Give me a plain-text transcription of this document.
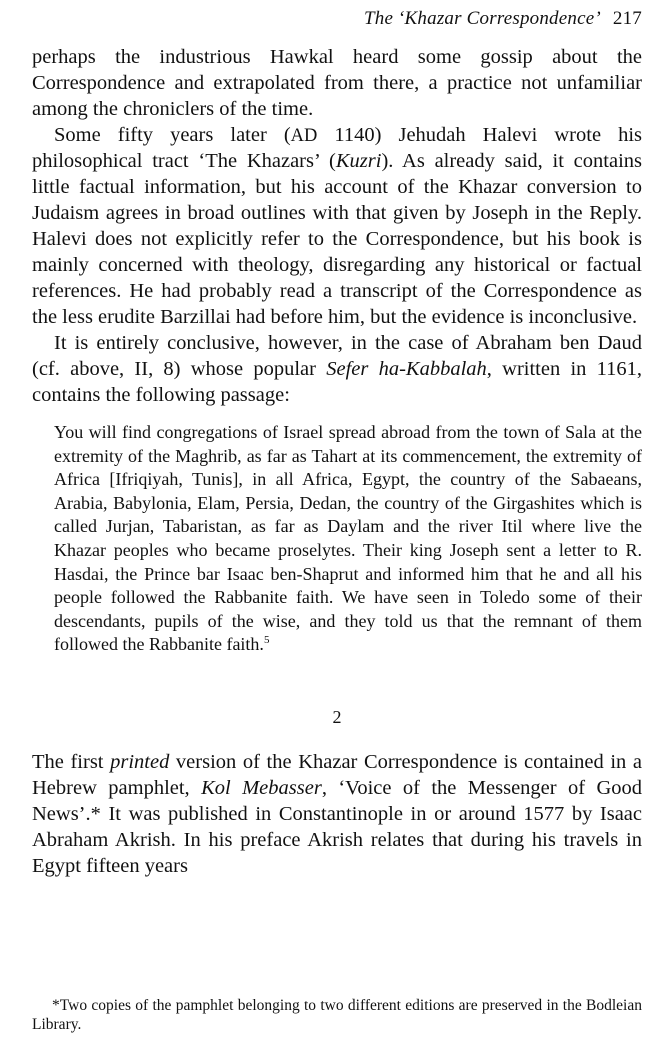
The ‘Khazar Correspondence’ 217

perhaps the industrious Hawkal heard some gossip about the Correspondence and extrapolated from there, a practice not unfamiliar among the chroniclers of the time.

Some fifty years later (AD 1140) Jehudah Halevi wrote his philosophical tract ‘The Khazars’ (Kuzri). As already said, it contains little factual information, but his account of the Khazar conversion to Judaism agrees in broad outlines with that given by Joseph in the Reply. Halevi does not explicitly refer to the Correspondence, but his book is mainly concerned with theology, disregarding any historical or factual references. He had probably read a transcript of the Correspondence as the less erudite Barzillai had before him, but the evidence is inconclusive.

It is entirely conclusive, however, in the case of Abraham ben Daud (cf. above, II, 8) whose popular Sefer ha-Kabbalah, written in 1161, contains the following passage:

You will find congregations of Israel spread abroad from the town of Sala at the extremity of the Maghrib, as far as Tahart at its commencement, the extremity of Africa [Ifriqiyah, Tunis], in all Africa, Egypt, the country of the Sabaeans, Arabia, Babylonia, Elam, Persia, Dedan, the country of the Girgashites which is called Jurjan, Tabaristan, as far as Daylam and the river Itil where live the Khazar peoples who became proselytes. Their king Joseph sent a letter to R. Hasdai, the Prince bar Isaac ben-Shaprut and informed him that he and all his people followed the Rabbanite faith. We have seen in Toledo some of their descendants, pupils of the wise, and they told us that the remnant of them followed the Rabbanite faith.$^5$

2

The first printed version of the Khazar Correspondence is contained in a Hebrew pamphlet, Kol Mebasser, ‘Voice of the Messenger of Good News’.* It was published in Constantinople in or around 1577 by Isaac Abraham Akrish. In his preface Akrish relates that during his travels in Egypt fifteen years

*Two copies of the pamphlet belonging to two different editions are preserved in the Bodleian Library.
